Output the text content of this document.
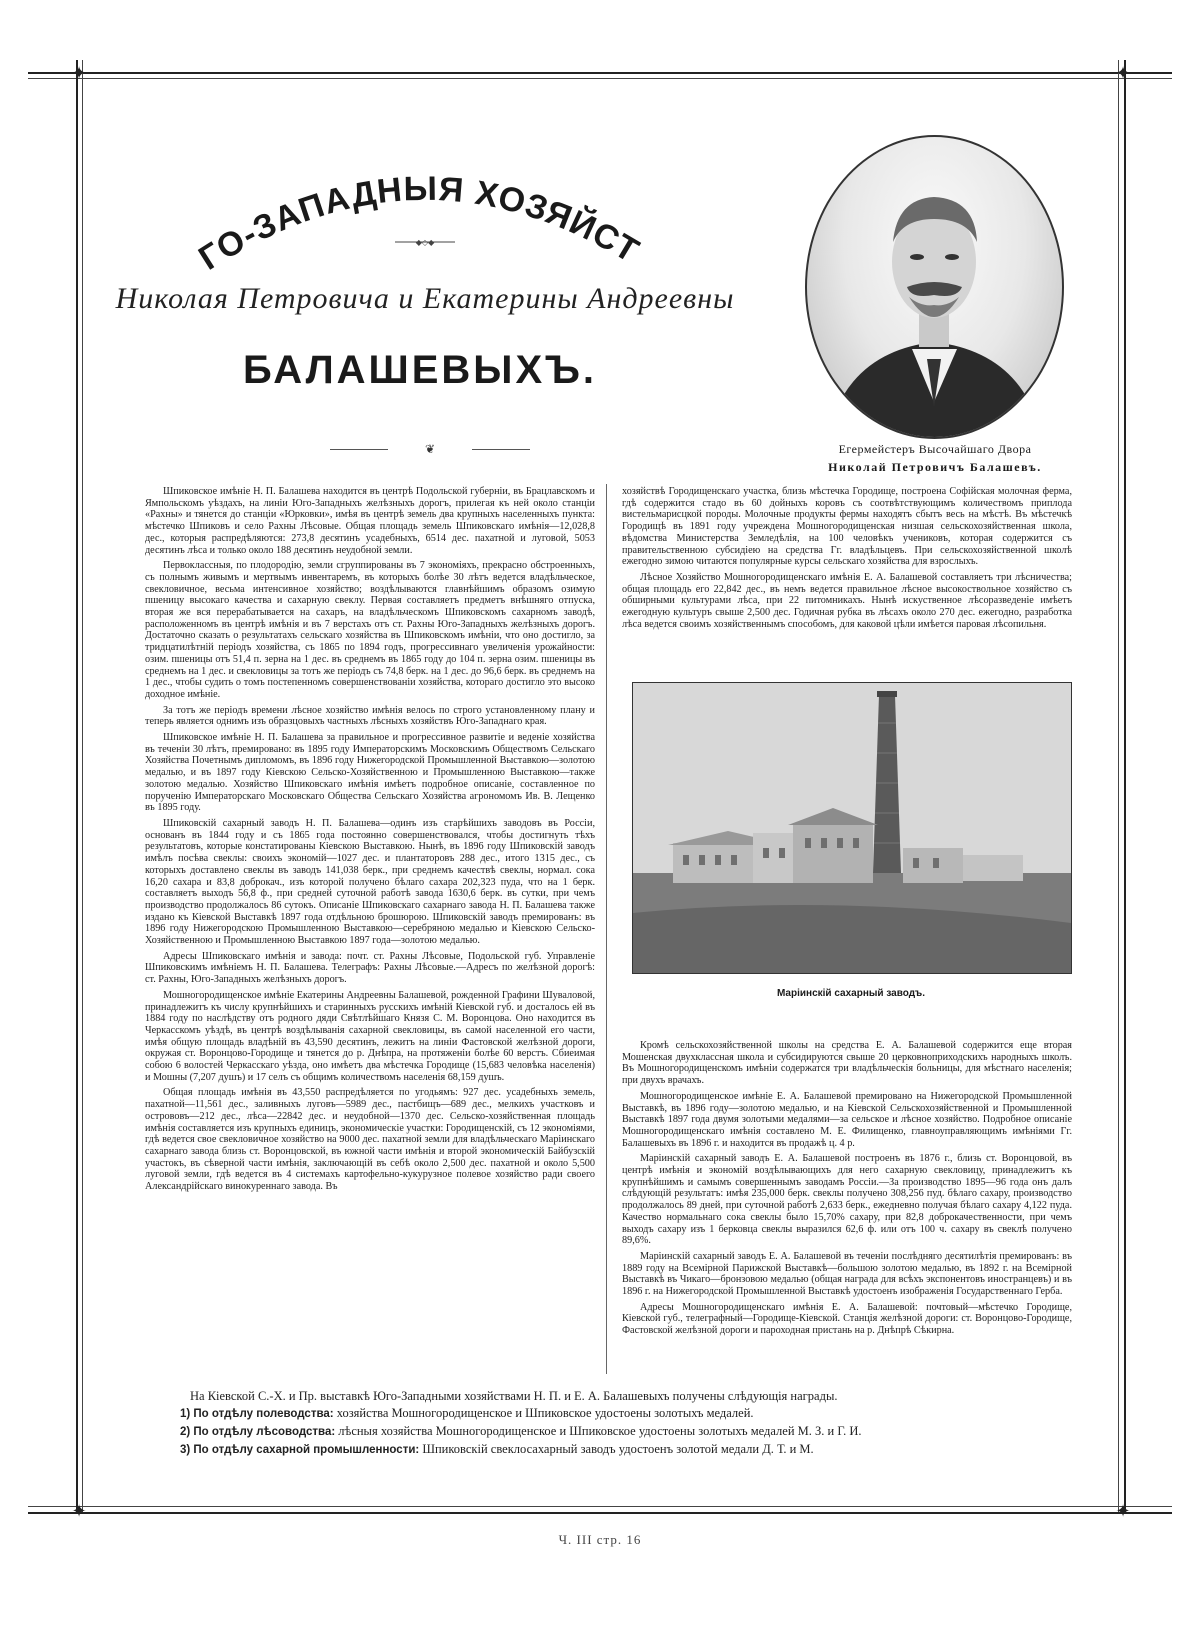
✦	✦
✦	✦
ГО-ЗАПАДНЫЯ ХОЗЯЙСТ
◆◇◆
Николая Петровича и Екатерины Андреевны
БАЛАШЕВЫХЪ.
❦	Егермейстеръ Высочайшаго Двора
Николай Петровичъ Балашевъ.

Шпиковское имѣніе Н. П. Балашева находится въ центрѣ Подольской губерніи, въ Брацлавскомъ и Ямпольскомъ уѣздахъ, на линіи Юго-Западныхъ желѣзныхъ дорогъ, прилегая къ ней около станціи «Рахны» и тянется до станціи «Юрковки», имѣя въ центрѣ земель два крупныхъ населенныхъ пункта: мѣстечко Шпиковъ и село Рахны Лѣсовые. Общая площадь земель Шпиковскаго имѣнія—12,028,8 дес., которыя распредѣляются: 273,8 десятинъ усадебныхъ, 6514 дес. пахатной и луговой, 5053 десятинъ лѣса и только около 188 десятинъ неудобной земли.

Первоклассныя, по плодородію, земли сгруппированы въ 7 экономіяхъ, прекрасно обстроенныхъ, съ полнымъ живымъ и мертвымъ инвентаремъ, въ которыхъ болѣе 30 лѣтъ ведется владѣльческое, свекловичное, весьма интенсивное хозяйство; воздѣлываются главнѣйшимъ образомъ озимую пшеницу высокаго качества и сахарную свеклу. Первая составляетъ предметъ внѣшняго отпуска, вторая же вся перерабатывается на сахаръ, на владѣльческомъ Шпиковскомъ сахарномъ заводѣ, расположенномъ въ центрѣ имѣнія и въ 7 верстахъ отъ ст. Рахны Юго-Западныхъ желѣзныхъ дорогъ. Достаточно сказать о результатахъ сельскаго хозяйства въ Шпиковскомъ имѣніи, что оно достигло, за тридцатилѣтній періодъ хозяйства, съ 1865 по 1894 годъ, прогрессивнаго увеличенія урожайности: озим. пшеницы отъ 51,4 п. зерна на 1 дес. въ среднемъ въ 1865 году до 104 п. зерна озим. пшеницы въ среднемъ на 1 дес. и свекловицы за тотъ же періодъ съ 74,8 берк. на 1 дес. до 96,6 берк. въ среднемъ на 1 дес., чтобы судить о томъ постепенномъ совершенствованіи хозяйства, котораго достигло это высоко доходное имѣніе.

За тотъ же періодъ времени лѣсное хозяйство имѣнія велось по строго установленному плану и теперь является однимъ изъ образцовыхъ частныхъ лѣсныхъ хозяйствъ Юго-Западнаго края.

Шпиковское имѣніе Н. П. Балашева за правильное и прогрессивное развитіе и веденіе хозяйства въ теченіи 30 лѣтъ, премировано: въ 1895 году Императорскимъ Московскимъ Обществомъ Сельскаго Хозяйства Почетнымъ дипломомъ, въ 1896 году Нижегородской Промышленной Выставкою—золотою медалью, и въ 1897 году Кіевскою Сельско-Хозяйственною и Промышленною Выставкою—также золотою медалью. Хозяйство Шпиковскаго имѣнія имѣетъ подробное описаніе, составленное по порученію Императорскаго Московскаго Общества Сельскаго Хозяйства агрономомъ Ив. В. Лещенко въ 1895 году.

Шпиковскій сахарный заводъ Н. П. Балашева—одинъ изъ старѣйшихъ заводовъ въ Россіи, основанъ въ 1844 году и съ 1865 года постоянно совершенствовался, чтобы достигнуть тѣхъ результатовъ, которые констатированы Кіевскою Выставкою. Нынѣ, въ 1896 году Шпиковскій заводъ имѣлъ посѣва свеклы: своихъ экономій—1027 дес. и плантаторовъ 288 дес., итого 1315 дес., съ которыхъ доставлено свеклы въ заводъ 141,038 берк., при среднемъ качествѣ свеклы, нормал. сока 16,20 сахара и 83,8 доброкач., изъ которой получено бѣлаго сахара 202,323 пуда, что на 1 берк. составляетъ выходъ 56,8 ф., при средней суточной работѣ завода 1630,6 берк. въ сутки, при чемъ производство продолжалось 86 сутокъ. Описаніе Шпиковскаго сахарнаго завода Н. П. Балашева также издано къ Кіевской Выставкѣ 1897 года отдѣльною брошюрою. Шпиковскій заводъ премированъ: въ 1896 году Нижегородскою Промышленною Выставкою—серебряною медалью и Кіевскою Сельско-Хозяйственною и Промышленною Выставкою 1897 года—золотою медалью.

Адресы Шпиковскаго имѣнія и завода: почт. ст. Рахны Лѣсовые, Подольской губ. Управленіе Шпиковскимъ имѣніемъ Н. П. Балашева. Телеграфъ: Рахны Лѣсовые.—Адресъ по желѣзной дорогѣ: ст. Рахны, Юго-Западныхъ желѣзныхъ дорогъ.

Мошногородищенское имѣніе Екатерины Андреевны Балашевой, рожденной Графини Шуваловой, принадлежитъ къ числу крупнѣйшихъ и старинныхъ русскихъ имѣній Кіевской губ. и досталось ей въ 1884 году по наслѣдству отъ родного дяди Свѣтлѣйшаго Князя С. М. Воронцова. Оно находится въ Черкасскомъ уѣздѣ, въ центрѣ воздѣлыванія сахарной свекловицы, въ самой населенной его части, имѣя общую площадь владѣній въ 43,590 десятинъ, лежитъ на линіи Фастовской желѣзной дороги, окружая ст. Воронцово-Городище и тянется до р. Днѣпра, на протяженіи болѣе 60 верстъ. Сбиеимая собою 6 волостей Черкасскаго уѣзда, оно имѣетъ два мѣстечка Городище (15,683 человѣка населенія) и Мошны (7,207 душъ) и 17 селъ съ общимъ количествомъ населенія 68,159 душъ.

Общая площадь имѣнія въ 43,550 распредѣляется по угодьямъ: 927 дес. усадебныхъ земель, пахатной—11,561 дес., заливныхъ луговъ—5989 дес., пастбищъ—689 дес., мелкихъ участковъ и острововъ—212 дес., лѣса—22842 дес. и неудобной—1370 дес. Сельско-хозяйственная площадь имѣнія составляется изъ крупныхъ единицъ, экономическіе участки: Городищенскій, съ 12 экономіями, гдѣ ведется свое свекловичное хозяйство на 9000 дес. пахатной земли для владѣльческаго Маріинскаго сахарнаго завода близь ст. Воронцовской, въ южной части имѣнія и второй экономическій Байбузскій участокъ, въ сѣверной части имѣнія, заключающій въ себѣ около 2,500 дес. пахатной и около 5,500 луговой земли, гдѣ ведется въ 4 системахъ картофельно-кукурузное полевое хозяйство ради своего Александрійскаго винокуреннаго завода. Въ

хозяйствѣ Городищенскаго участка, близь мѣстечка Городище, построена Софійская молочная ферма, гдѣ содержится стадо въ 60 дойныхъ коровъ съ соотвѣтствующимъ количествомъ приплода вистельмарисцкой породы. Молочные продукты фермы находятъ сбытъ весь на мѣстѣ. Въ мѣстечкѣ Городищѣ въ 1891 году учреждена Мошногородищенская низшая сельскохозяйственная школа, вѣдомства Министерства Земледѣлія, на 100 человѣкъ учениковъ, которая содержится съ правительственною субсидіею на средства Гг. владѣльцевъ. При сельскохозяйственной школѣ ежегодно зимою читаются популярные курсы сельскаго хозяйства для взрослыхъ.

Лѣсное Хозяйство Мошногородищенскаго имѣнія Е. А. Балашевой составляетъ три лѣсничества; общая площадь его 22,842 дес., въ немъ ведется правильное лѣсное высокоствольное хозяйство съ обширными культурами лѣса, при 22 питомникахъ. Нынѣ искуственное лѣсоразведеніе имѣетъ ежегодную культуръ свыше 2,500 дес. Годичная рубка въ лѣсахъ около 270 дес. ежегодно, разработка лѣса ведется своимъ хозяйственнымъ способомъ, для каковой цѣли имѣется паровая лѣсопильня.

Маріинскій сахарный заводъ.

Кромѣ сельскохозяйственной школы на средства Е. А. Балашевой содержится еще вторая Мошенская двухклассная школа и субсидируются свыше 20 церковноприходскихъ народныхъ школъ. Въ Мошногородищенскомъ имѣніи содержатся три владѣльческія больницы, для мѣстнаго населенія; при двухъ врачахъ.

Мошногородищенское имѣніе Е. А. Балашевой премировано на Нижегородской Промышленной Выставкѣ, въ 1896 году—золотою медалью, и на Кіевской Сельскохозяйственной и Промышленной Выставкѣ 1897 года двумя золотыми медалями—за сельское и лѣсное хозяйство. Подробное описаніе Мошногородищенскаго имѣнія составлено М. Е. Филищенко, главноуправляющимъ имѣніями Гг. Балашевыхъ въ 1896 г. и находится въ продажѣ ц. 4 р.

Маріинскій сахарный заводъ Е. А. Балашевой построенъ въ 1876 г., близь ст. Воронцовой, въ центрѣ имѣнія и экономій воздѣлывающихъ для него сахарную свекловицу, принадлежитъ къ крупнѣйшимъ и самымъ совершеннымъ заводамъ Россіи.—За производство 1895—96 года онъ далъ слѣдующій результатъ: имѣя 235,000 берк. свеклы получено 308,256 пуд. бѣлаго сахару, производство продолжалось 89 дней, при суточной работѣ 2,633 берк., ежедневно получая бѣлаго сахару 4,122 пуда. Качество нормальнаго сока свеклы было 15,70% сахару, при 82,8 доброкачественности, при чемъ выходъ сахару изъ 1 берковца свеклы выразился 62,6 ф. или отъ 100 ч. сахару въ свеклѣ получено 89,6%.

Маріинскій сахарный заводъ Е. А. Балашевой въ теченіи послѣдняго десятилѣтія премированъ: въ 1889 году на Всемірной Парижской Выставкѣ—большою золотою медалью, въ 1892 г. на Всемірной Выставкѣ въ Чикаго—бронзовою медалью (общая награда для всѣхъ экспонентовъ иностранцевъ) и въ 1896 г. на Нижегородской Промышленной Выставкѣ удостоенъ изображенія Государственнаго Герба.

Адресы Мошногородищенскаго имѣнія Е. А. Балашевой: почтовый—мѣстечко Городище, Кіевской губ., телеграфный—Городище-Кіевской. Станція желѣзной дороги: ст. Воронцово-Городище, Фастовской желѣзной дороги и пароходная пристань на р. Днѣпрѣ Сѣкирна.

На Кіевской С.-Х. и Пр. выставкѣ Юго-Западными хозяйствами Н. П. и Е. А. Балашевыхъ получены слѣдующія награды.
1) По отдѣлу полеводства: хозяйства Мошногородищенское и Шпиковское удостоены золотыхъ медалей.
2) По отдѣлу лѣсоводства: лѣсныя хозяйства Мошногородищенское и Шпиковское удостоены золотыхъ медалей М. З. и Г. И.
3) По отдѣлу сахарной промышленности: Шпиковскій свеклосахарный заводъ удостоенъ золотой медали Д. Т. и М.
Ч. III стр. 16
